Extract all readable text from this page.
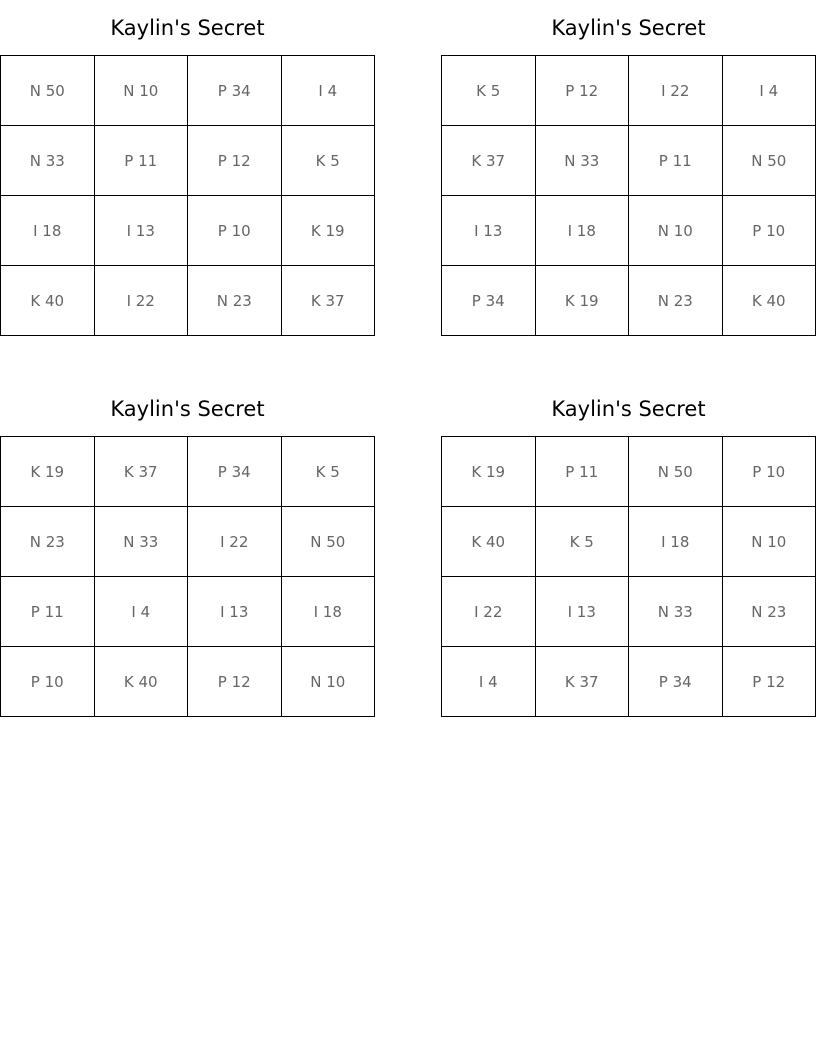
Kaylin's Secret
N 50	N 10	P 34	I 4
N 33	P 11	P 12	K 5
I 18	I 13	P 10	K 19
K 40	I 22	N 23	K 37
Kaylin's Secret
K 5	P 12	I 22	I 4
K 37	N 33	P 11	N 50
I 13	I 18	N 10	P 10
P 34	K 19	N 23	K 40
Kaylin's Secret
K 19	K 37	P 34	K 5
N 23	N 33	I 22	N 50
P 11	I 4	I 13	I 18
P 10	K 40	P 12	N 10
Kaylin's Secret
K 19	P 11	N 50	P 10
K 40	K 5	I 18	N 10
I 22	I 13	N 33	N 23
I 4	K 37	P 34	P 12
